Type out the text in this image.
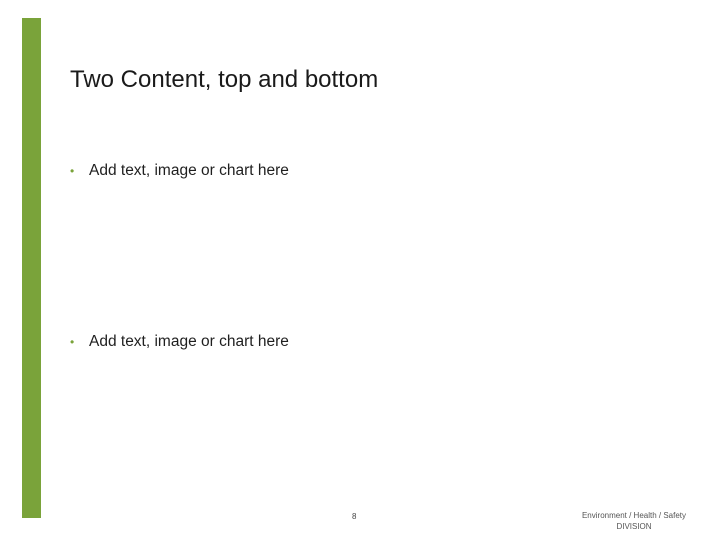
Two Content, top and bottom
• Add text, image or chart here
• Add text, image or chart here
8	Environment / Health / Safety
DIVISION
